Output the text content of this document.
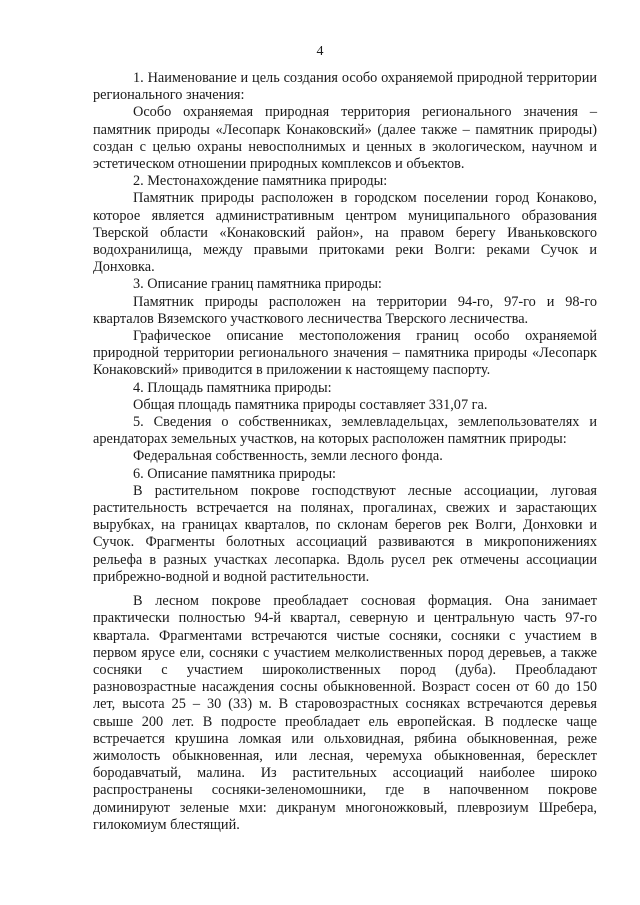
4

1. Наименование и цель создания особо охраняемой природной территории регионального значения:

Особо охраняемая природная территория регионального значения – памятник природы «Лесопарк Конаковский» (далее также – памятник природы) создан с целью охраны невосполнимых и ценных в экологическом, научном и эстетическом отношении природных комплексов и объектов.

2. Местонахождение памятника природы:

Памятник природы расположен в городском поселении город Конаково, которое является административным центром муниципального образования Тверской области «Конаковский район», на правом берегу Иваньковского водохранилища, между правыми притоками реки Волги: реками Сучок и Донховка.

3. Описание границ памятника природы:

Памятник природы расположен на территории 94-го, 97-го и 98-го кварталов Вяземского участкового лесничества Тверского лесничества.

Графическое описание местоположения границ особо охраняемой природной территории регионального значения – памятника природы «Лесопарк Конаковский» приводится в приложении к настоящему паспорту.

4. Площадь памятника природы:

Общая площадь памятника природы составляет 331,07 га.

5. Сведения о собственниках, землевладельцах, землепользователях и арендаторах земельных участков, на которых расположен памятник природы:

Федеральная собственность, земли лесного фонда.

6. Описание памятника природы:

В растительном покрове господствуют лесные ассоциации, луговая растительность встречается на полянах, прогалинах, свежих и зарастающих вырубках, на границах кварталов, по склонам берегов рек Волги, Донховки и Сучок. Фрагменты болотных ассоциаций развиваются в микропонижениях рельефа в разных участках лесопарка. Вдоль русел рек отмечены ассоциации прибрежно-водной и водной растительности.

В лесном покрове преобладает сосновая формация. Она занимает практически полностью 94-й квартал, северную и центральную часть 97-го квартала. Фрагментами встречаются чистые сосняки, сосняки с участием в первом ярусе ели, сосняки с участием мелколиственных пород деревьев, а также сосняки с участием широколиственных пород (дуба). Преобладают разновозрастные насаждения сосны обыкновенной. Возраст сосен от 60 до 150 лет, высота 25 – 30 (33) м. В старовозрастных сосняках встречаются деревья свыше 200 лет. В подросте преобладает ель европейская. В подлеске чаще встречается крушина ломкая или ольховидная, рябина обыкновенная, реже жимолость обыкновенная, или лесная, черемуха обыкновенная, бересклет бородавчатый, малина. Из растительных ассоциаций наиболее широко распространены сосняки-зеленомошники, где в напочвенном покрове доминируют зеленые мхи: дикранум многоножковый, плеврозиум Шребера, гилокомиум блестящий.
